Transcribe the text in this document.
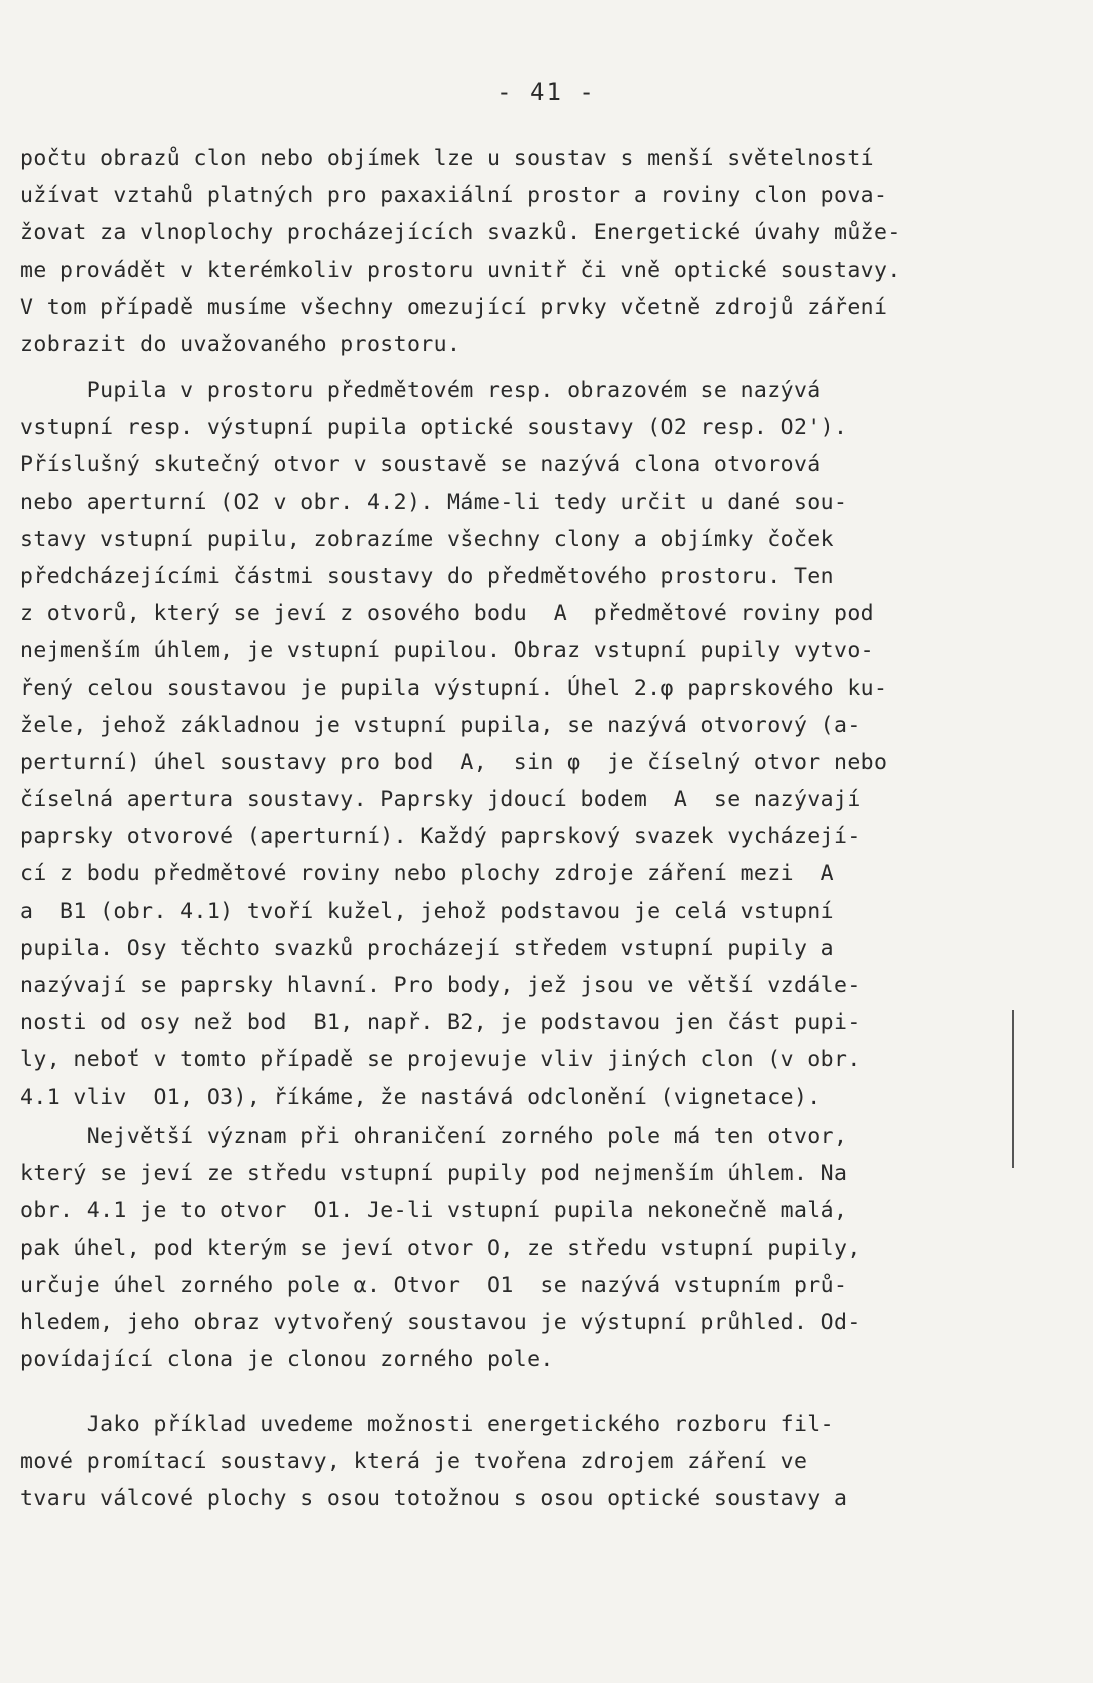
- 41 -
počtu obrazů clon nebo objímek lze u soustav s menší světelností
užívat vztahů platných pro paxaxiální prostor a roviny clon pova-
žovat za vlnoplochy procházejících svazků. Energetické úvahy může-
me provádět v kterémkoliv prostoru uvnitř či vně optické soustavy.
V tom případě musíme všechny omezující prvky včetně zdrojů záření
zobrazit do uvažovaného prostoru.
Pupila v prostoru předmětovém resp. obrazovém se nazývá
vstupní resp. výstupní pupila optické soustavy (O2 resp. O2').
Příslušný skutečný otvor v soustavě se nazývá clona otvorová
nebo aperturní (O2 v obr. 4.2). Máme-li tedy určit u dané sou-
stavy vstupní pupilu, zobrazíme všechny clony a objímky čoček
předcházejícími částmi soustavy do předmětového prostoru. Ten
z otvorů, který se jeví z osového bodu  A  předmětové roviny pod
nejmenším úhlem, je vstupní pupilou. Obraz vstupní pupily vytvo-
řený celou soustavou je pupila výstupní. Úhel 2.φ paprskového ku-
žele, jehož základnou je vstupní pupila, se nazývá otvorový (a-
perturní) úhel soustavy pro bod  A,  sin φ  je číselný otvor nebo
číselná apertura soustavy. Paprsky jdoucí bodem  A  se nazývají
paprsky otvorové (aperturní). Každý paprskový svazek vycházejí-
cí z bodu předmětové roviny nebo plochy zdroje záření mezi  A
a  B1 (obr. 4.1) tvoří kužel, jehož podstavou je celá vstupní
pupila. Osy těchto svazků procházejí středem vstupní pupily a
nazývají se paprsky hlavní. Pro body, jež jsou ve větší vzdále-
nosti od osy než bod  B1, např. B2, je podstavou jen část pupi-
ly, neboť v tomto případě se projevuje vliv jiných clon (v obr.
4.1 vliv  O1, O3), říkáme, že nastává odclonění (vignetace).
Největší význam při ohraničení zorného pole má ten otvor,
který se jeví ze středu vstupní pupily pod nejmenším úhlem. Na
obr. 4.1 je to otvor  O1. Je-li vstupní pupila nekonečně malá,
pak úhel, pod kterým se jeví otvor O, ze středu vstupní pupily,
určuje úhel zorného pole α. Otvor  O1  se nazývá vstupním prů-
hledem, jeho obraz vytvořený soustavou je výstupní průhled. Od-
povídající clona je clonou zorného pole.
Jako příklad uvedeme možnosti energetického rozboru fil-
mové promítací soustavy, která je tvořena zdrojem záření ve
tvaru válcové plochy s osou totožnou s osou optické soustavy a
